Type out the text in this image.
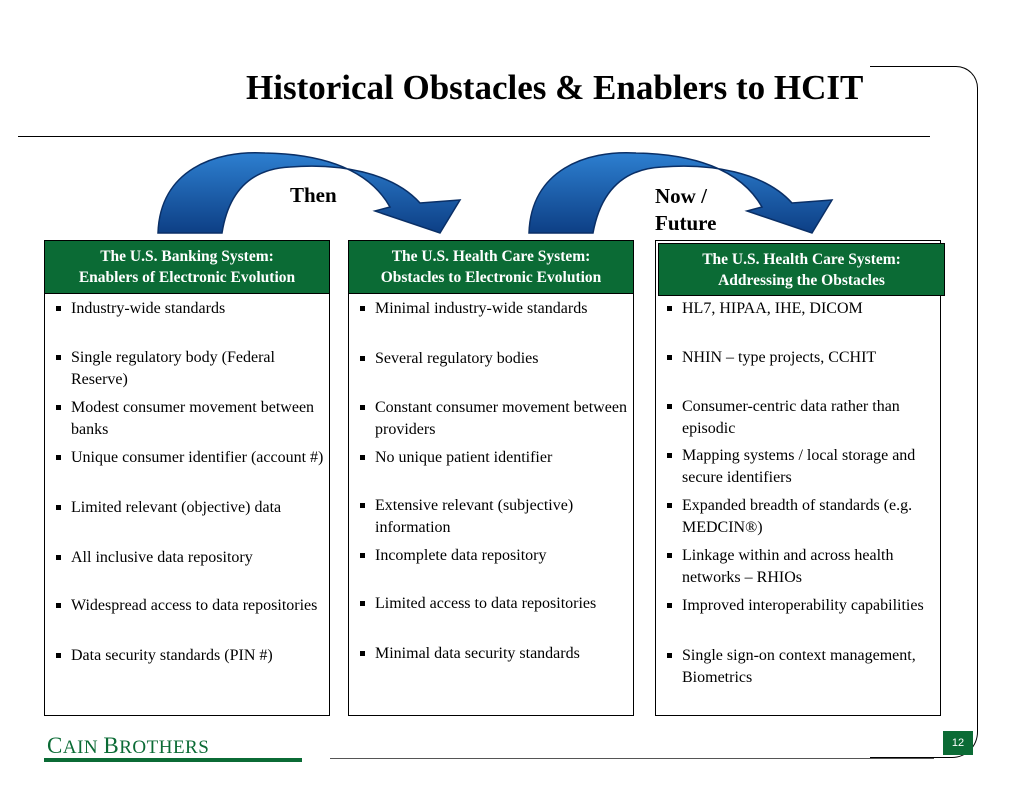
Historical Obstacles & Enablers to HCIT
Then	Now /
Future
The U.S. Banking System:
Enablers of Electronic Evolution
Industry-wide standards
Single regulatory body (Federal Reserve)
Modest consumer movement between banks
Unique consumer identifier (account #)
Limited relevant (objective) data
All inclusive data repository
Widespread access to data repositories
Data security standards (PIN #)
The U.S. Health Care System:
Obstacles to Electronic Evolution
Minimal industry-wide standards
Several regulatory bodies
Constant consumer movement between providers
No unique patient identifier
Extensive relevant (subjective) information
Incomplete data repository
Limited access to data repositories
Minimal data security standards
The U.S. Health Care System:
Addressing the Obstacles
HL7, HIPAA, IHE, DICOM
NHIN – type projects, CCHIT
Consumer-centric data rather than episodic
Mapping systems / local storage and secure identifiers
Expanded breadth of standards (e.g. MEDCIN®)
Linkage within and across health networks – RHIOs
Improved interoperability capabilities
Single sign-on context management, Biometrics
CAIN BROTHERS	12
